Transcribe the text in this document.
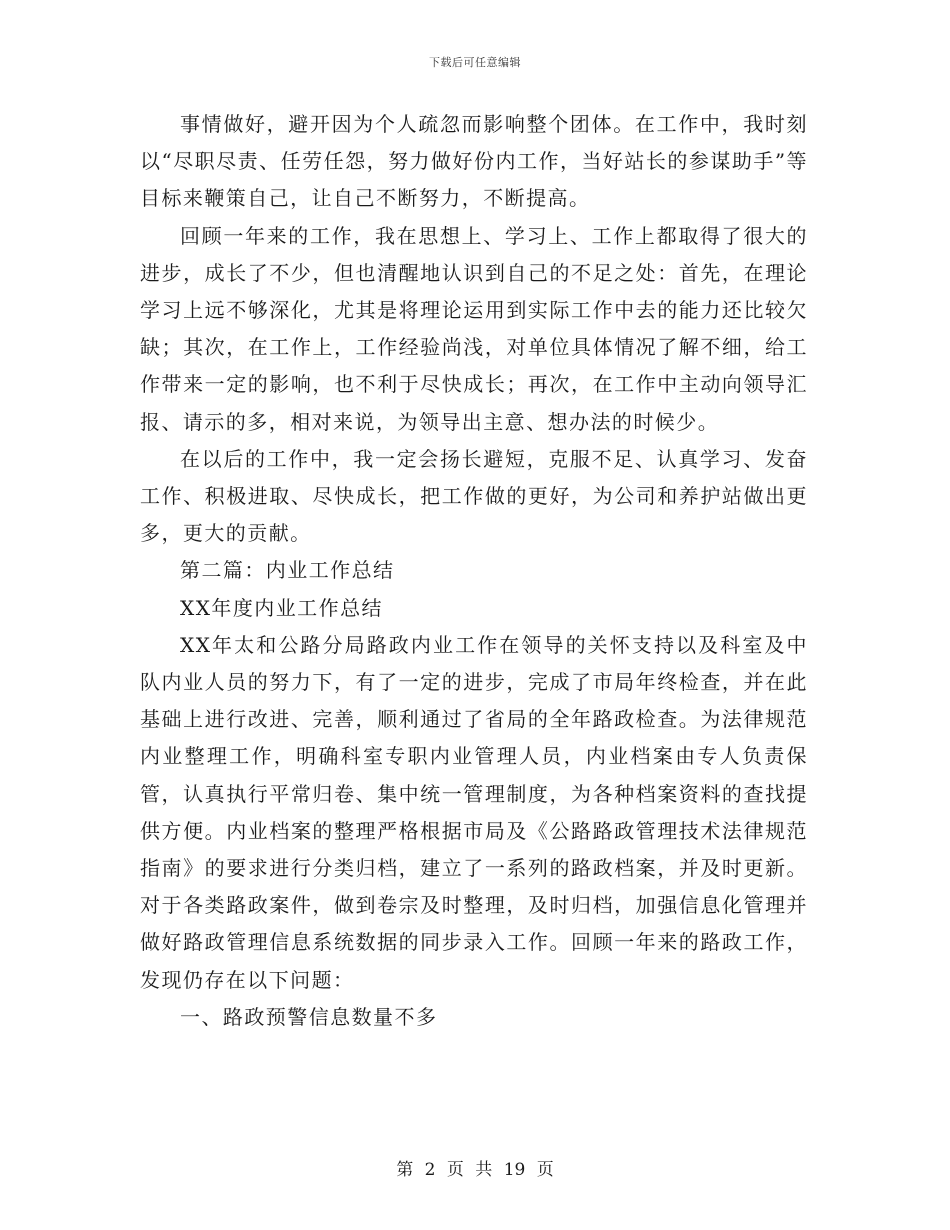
下载后可任意编辑

事情做好，避开因为个人疏忽而影响整个团体。在工作中，我时刻以“尽职尽责、任劳任怨，努力做好份内工作，当好站长的参谋助手”等目标来鞭策自己，让自己不断努力，不断提高。

回顾一年来的工作，我在思想上、学习上、工作上都取得了很大的进步，成长了不少，但也清醒地认识到自己的不足之处：首先，在理论学习上远不够深化，尤其是将理论运用到实际工作中去的能力还比较欠缺；其次，在工作上，工作经验尚浅，对单位具体情况了解不细，给工作带来一定的影响，也不利于尽快成长；再次，在工作中主动向领导汇报、请示的多，相对来说，为领导出主意、想办法的时候少。

在以后的工作中，我一定会扬长避短，克服不足、认真学习、发奋工作、积极进取、尽快成长，把工作做的更好，为公司和养护站做出更多，更大的贡献。

第二篇：内业工作总结

XX年度内业工作总结

XX年太和公路分局路政内业工作在领导的关怀支持以及科室及中队内业人员的努力下，有了一定的进步，完成了市局年终检查，并在此基础上进行改进、完善，顺利通过了省局的全年路政检查。为法律规范内业整理工作，明确科室专职内业管理人员，内业档案由专人负责保管，认真执行平常归卷、集中统一管理制度，为各种档案资料的查找提供方便。内业档案的整理严格根据市局及《公路路政管理技术法律规范指南》的要求进行分类归档，建立了一系列的路政档案，并及时更新。对于各类路政案件，做到卷宗及时整理，及时归档，加强信息化管理并做好路政管理信息系统数据的同步录入工作。回顾一年来的路政工作，发现仍存在以下问题：

一、路政预警信息数量不多

第 2 页 共 19 页
